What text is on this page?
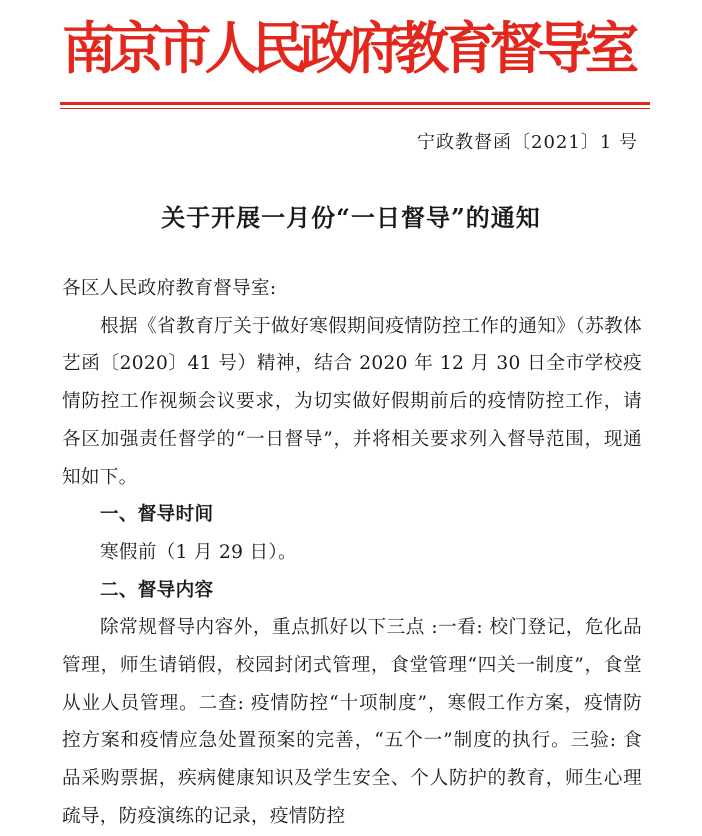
南京市人民政府教育督导室
宁政教督函〔2021〕1 号
关于开展一月份“一日督导”的通知

各区人民政府教育督导室:

根据《省教育厅关于做好寒假期间疫情防控工作的通知》（苏教体艺函〔2020〕41 号）精神，结合 2020 年 12 月 30 日全市学校疫情防控工作视频会议要求，为切实做好假期前后的疫情防控工作，请各区加强责任督学的“一日督导”，并将相关要求列入督导范围，现通知如下。

一、督导时间

寒假前（1 月 29 日）。

二、督导内容

除常规督导内容外，重点抓好以下三点 :一看: 校门登记，危化品管理，师生请销假，校园封闭式管理，食堂管理“四关一制度”，食堂从业人员管理。二查: 疫情防控“十项制度”，寒假工作方案，疫情防控方案和疫情应急处置预案的完善，“五个一”制度的执行。三验: 食品采购票据，疾病健康知识及学生安全、个人防护的教育，师生心理疏导，防疫演练的记录，疫情防控
